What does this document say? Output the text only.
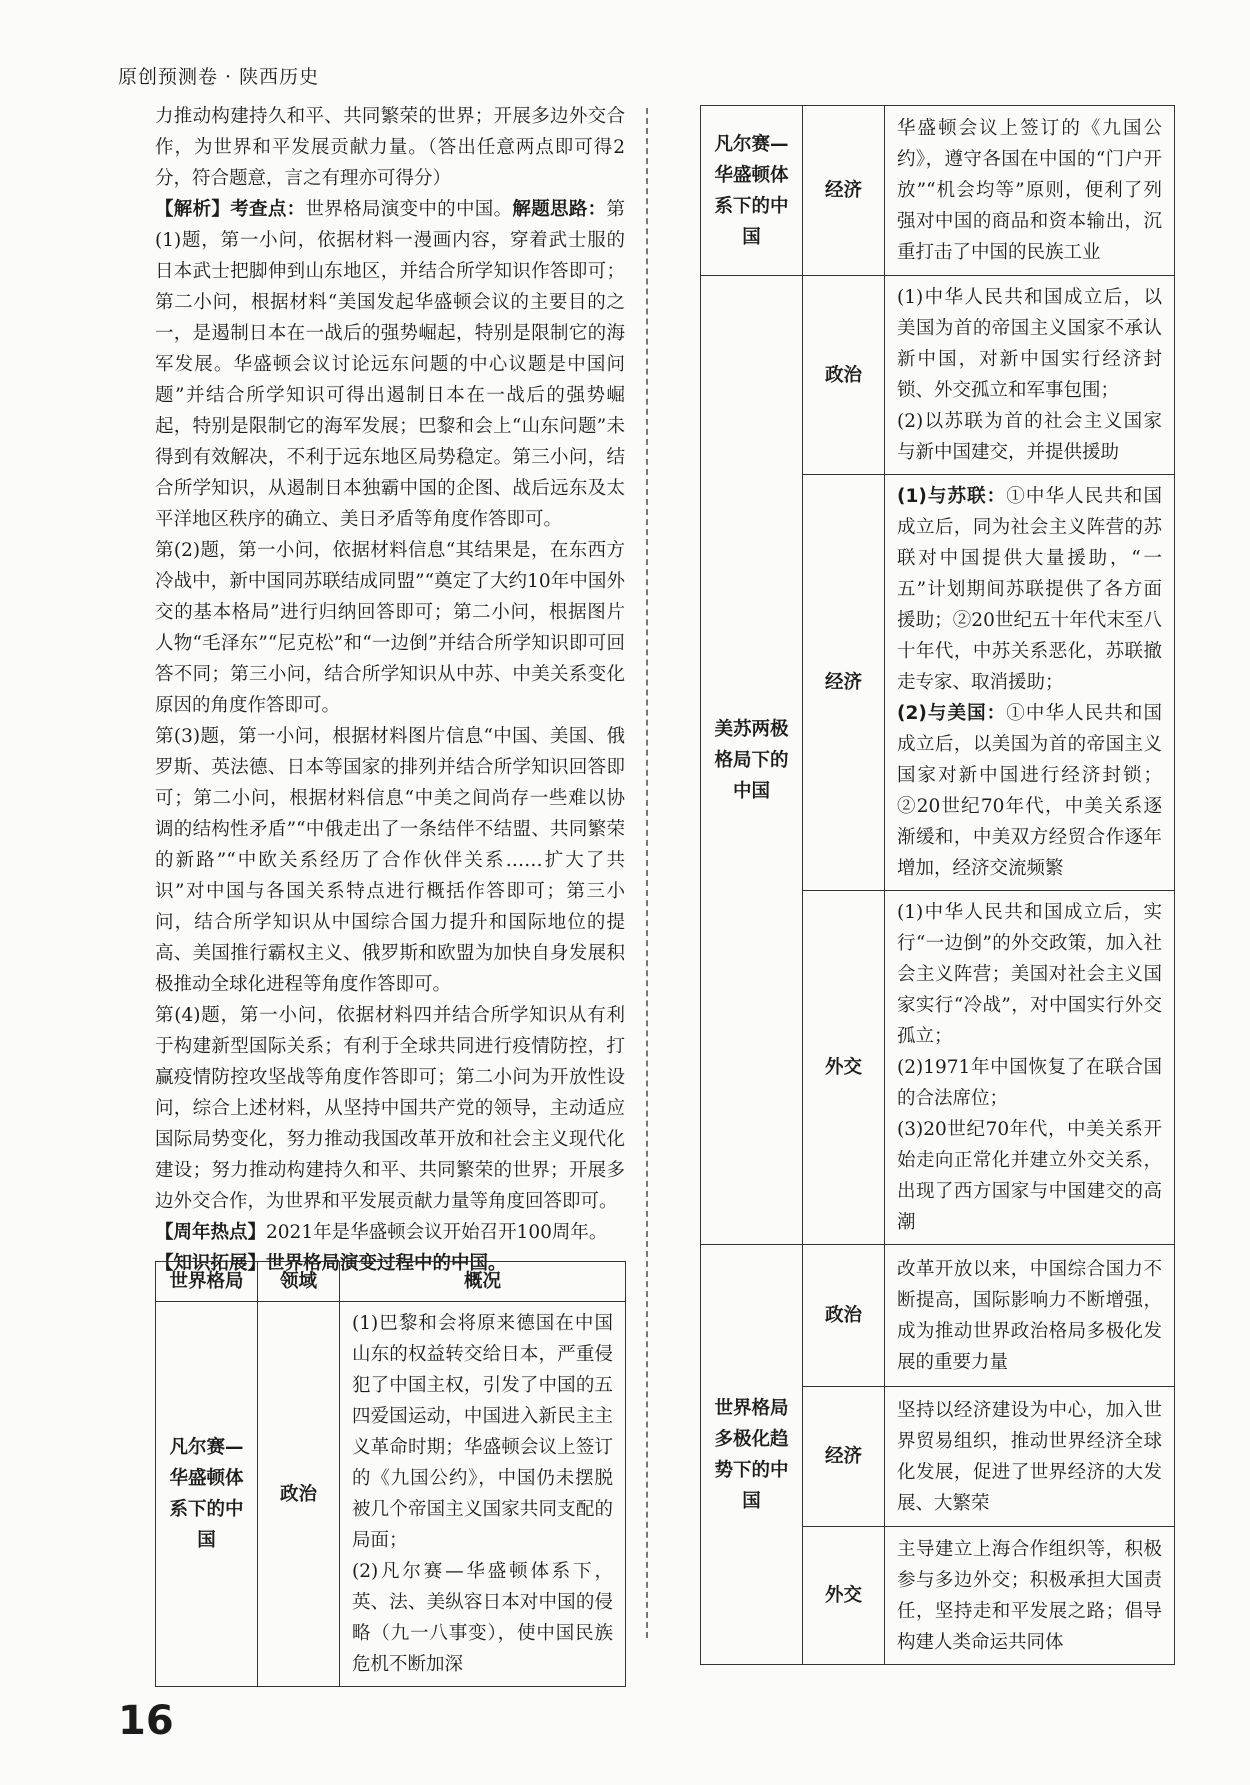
原创预测卷 · 陕西历史

力推动构建持久和平、共同繁荣的世界；开展多边外交合作，为世界和平发展贡献力量。（答出任意两点即可得2分，符合题意，言之有理亦可得分）

【解析】考查点：世界格局演变中的中国。解题思路：第(1)题，第一小问，依据材料一漫画内容，穿着武士服的日本武士把脚伸到山东地区，并结合所学知识作答即可；第二小问，根据材料“美国发起华盛顿会议的主要目的之一，是遏制日本在一战后的强势崛起，特别是限制它的海军发展。华盛顿会议讨论远东问题的中心议题是中国问题”并结合所学知识可得出遏制日本在一战后的强势崛起，特别是限制它的海军发展；巴黎和会上“山东问题”未得到有效解决，不利于远东地区局势稳定。第三小问，结合所学知识，从遏制日本独霸中国的企图、战后远东及太平洋地区秩序的确立、美日矛盾等角度作答即可。

第(2)题，第一小问，依据材料信息“其结果是，在东西方冷战中，新中国同苏联结成同盟”“奠定了大约10年中国外交的基本格局”进行归纳回答即可；第二小问，根据图片人物“毛泽东”“尼克松”和“一边倒”并结合所学知识即可回答不同；第三小问，结合所学知识从中苏、中美关系变化原因的角度作答即可。

第(3)题，第一小问，根据材料图片信息“中国、美国、俄罗斯、英法德、日本等国家的排列并结合所学知识回答即可；第二小问，根据材料信息“中美之间尚存一些难以协调的结构性矛盾”“中俄走出了一条结伴不结盟、共同繁荣的新路”“中欧关系经历了合作伙伴关系……扩大了共识”对中国与各国关系特点进行概括作答即可；第三小问，结合所学知识从中国综合国力提升和国际地位的提高、美国推行霸权主义、俄罗斯和欧盟为加快自身发展积极推动全球化进程等角度作答即可。

第(4)题，第一小问，依据材料四并结合所学知识从有利于构建新型国际关系；有利于全球共同进行疫情防控，打赢疫情防控攻坚战等角度作答即可；第二小问为开放性设问，综合上述材料，从坚持中国共产党的领导，主动适应国际局势变化，努力推动我国改革开放和社会主义现代化建设；努力推动构建持久和平、共同繁荣的世界；开展多边外交合作，为世界和平发展贡献力量等角度回答即可。

【周年热点】2021年是华盛顿会议开始召开100周年。

【知识拓展】世界格局演变过程中的中国。

世界格局	领域	概况
凡尔赛—华盛顿体系下的中国	政治	(1)巴黎和会将原来德国在中国山东的权益转交给日本，严重侵犯了中国主权，引发了中国的五四爱国运动，中国进入新民主主义革命时期；华盛顿会议上签订的《九国公约》，中国仍未摆脱被几个帝国主义国家共同支配的局面；
(2)凡尔赛—华盛顿体系下，英、法、美纵容日本对中国的侵略（九一八事变），使中国民族危机不断加深
凡尔赛—华盛顿体系下的中国	经济	华盛顿会议上签订的《九国公约》，遵守各国在中国的“门户开放”“机会均等”原则，便利了列强对中国的商品和资本输出，沉重打击了中国的民族工业
美苏两极格局下的中国	政治	(1)中华人民共和国成立后，以美国为首的帝国主义国家不承认新中国，对新中国实行经济封锁、外交孤立和军事包围；
(2)以苏联为首的社会主义国家与新中国建交，并提供援助
	经济	(1)与苏联：①中华人民共和国成立后，同为社会主义阵营的苏联对中国提供大量援助，“一五”计划期间苏联提供了各方面援助；②20世纪五十年代末至八十年代，中苏关系恶化，苏联撤走专家、取消援助；
(2)与美国：①中华人民共和国成立后，以美国为首的帝国主义国家对新中国进行经济封锁；②20世纪70年代，中美关系逐渐缓和，中美双方经贸合作逐年增加，经济交流频繁

	外交	(1)中华人民共和国成立后，实行“一边倒”的外交政策，加入社会主义阵营；美国对社会主义国家实行“冷战”，对中国实行外交孤立；
(2)1971年中国恢复了在联合国的合法席位；
(3)20世纪70年代，中美关系开始走向正常化并建立外交关系，出现了西方国家与中国建交的高潮
世界格局多极化趋势下的中国	政治	改革开放以来，中国综合国力不断提高，国际影响力不断增强，成为推动世界政治格局多极化发展的重要力量
	经济	坚持以经济建设为中心，加入世界贸易组织，推动世界经济全球化发展，促进了世界经济的大发展、大繁荣
	外交	主导建立上海合作组织等，积极参与多边外交；积极承担大国责任，坚持走和平发展之路；倡导构建人类命运共同体
16
